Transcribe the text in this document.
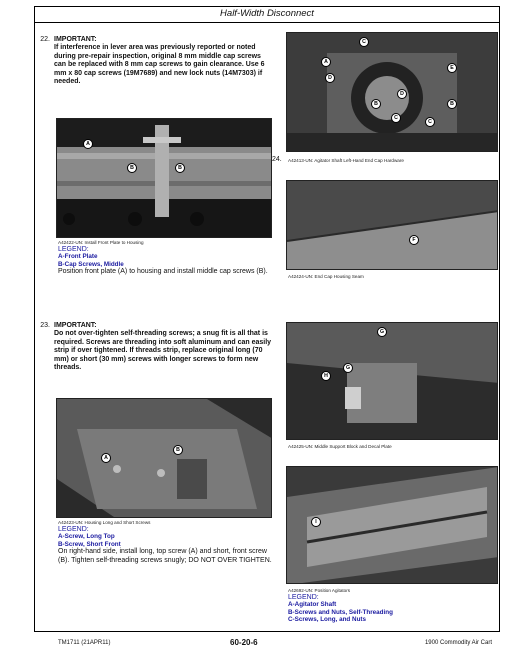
Half-Width Disconnect
22. IMPORTANT:
If interference in lever area was previously reported or noted during pre-repair inspection, original 8 mm middle cap screws can be replaced with 8 mm cap screws to gain clearance. Use 6 mm x 80 cap screws (19M7689) and new lock nuts (14M7303) if needed.
A
B	B
A42422-UN: Install Front Plate to Housing
LEGEND:
A-Front Plate
B-Cap Screws, Middle
Position front plate (A) to housing and install middle cap screws (B).
23. IMPORTANT:
Do not over-tighten self-threading screws; a snug fit is all that is required. Screws are threading into soft aluminum and can easily strip if over tightened. If threads strip, replace original long (70 mm) or short (30 mm) screws with longer screws to form new threads.
A
B
A42423-UN: Housing Long and Short Screws
LEGEND:
A-Screw, Long Top
B-Screw, Short Front
On right-hand side, install long, top screw (A) and short, front screw (B). Tighten self-threading screws snugly; DO NOT OVER TIGHTEN.
C
A
D
E
B
D
B
C
C
24. A42413-UN: Agitator Shaft Left-Hand End Cap Hardware
F
A42424-UN: End Cap Housing Seam
G
G
H
A42425-UN: Middle Support Block and Decal Plate
I
A42692-UN: Position Agitators
LEGEND:
A-Agitator Shaft
B-Screws and Nuts, Self-Threading
C-Screws, Long, and Nuts
TM1711 (21APR11)	60-20-6	1900 Commodity Air Cart
